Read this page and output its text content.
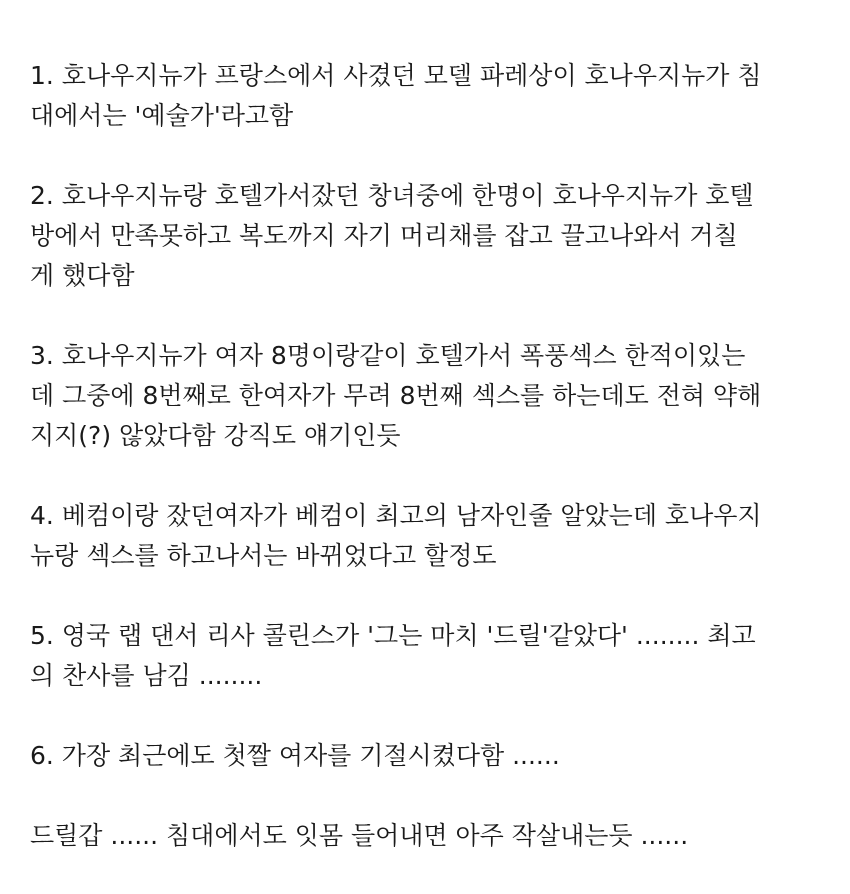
1. 호나우지뉴가 프랑스에서 사겼던 모델 파레상이 호나우지뉴가 침
대에서는 '예술가'라고함
2. 호나우지뉴랑 호텔가서잤던 창녀중에 한명이 호나우지뉴가 호텔
방에서 만족못하고 복도까지 자기 머리채를 잡고 끌고나와서 거칠
게 했다함
3. 호나우지뉴가 여자 8명이랑같이 호텔가서 폭풍섹스 한적이있는
데 그중에 8번째로 한여자가 무려 8번째 섹스를 하는데도 전혀 약해
지지(?) 않았다함 강직도 얘기인듯
4. 베컴이랑 잤던여자가 베컴이 최고의 남자인줄 알았는데 호나우지
뉴랑 섹스를 하고나서는 바뀌었다고 할정도
5. 영국 랩 댄서 리사 콜린스가 '그는 마치 '드릴'같았다' ........ 최고
의 찬사를 남김 ........
6. 가장 최근에도 첫짤 여자를 기절시켰다함 ......
드릴갑 ...... 침대에서도 잇몸 들어내면 아주 작살내는듯 ......
